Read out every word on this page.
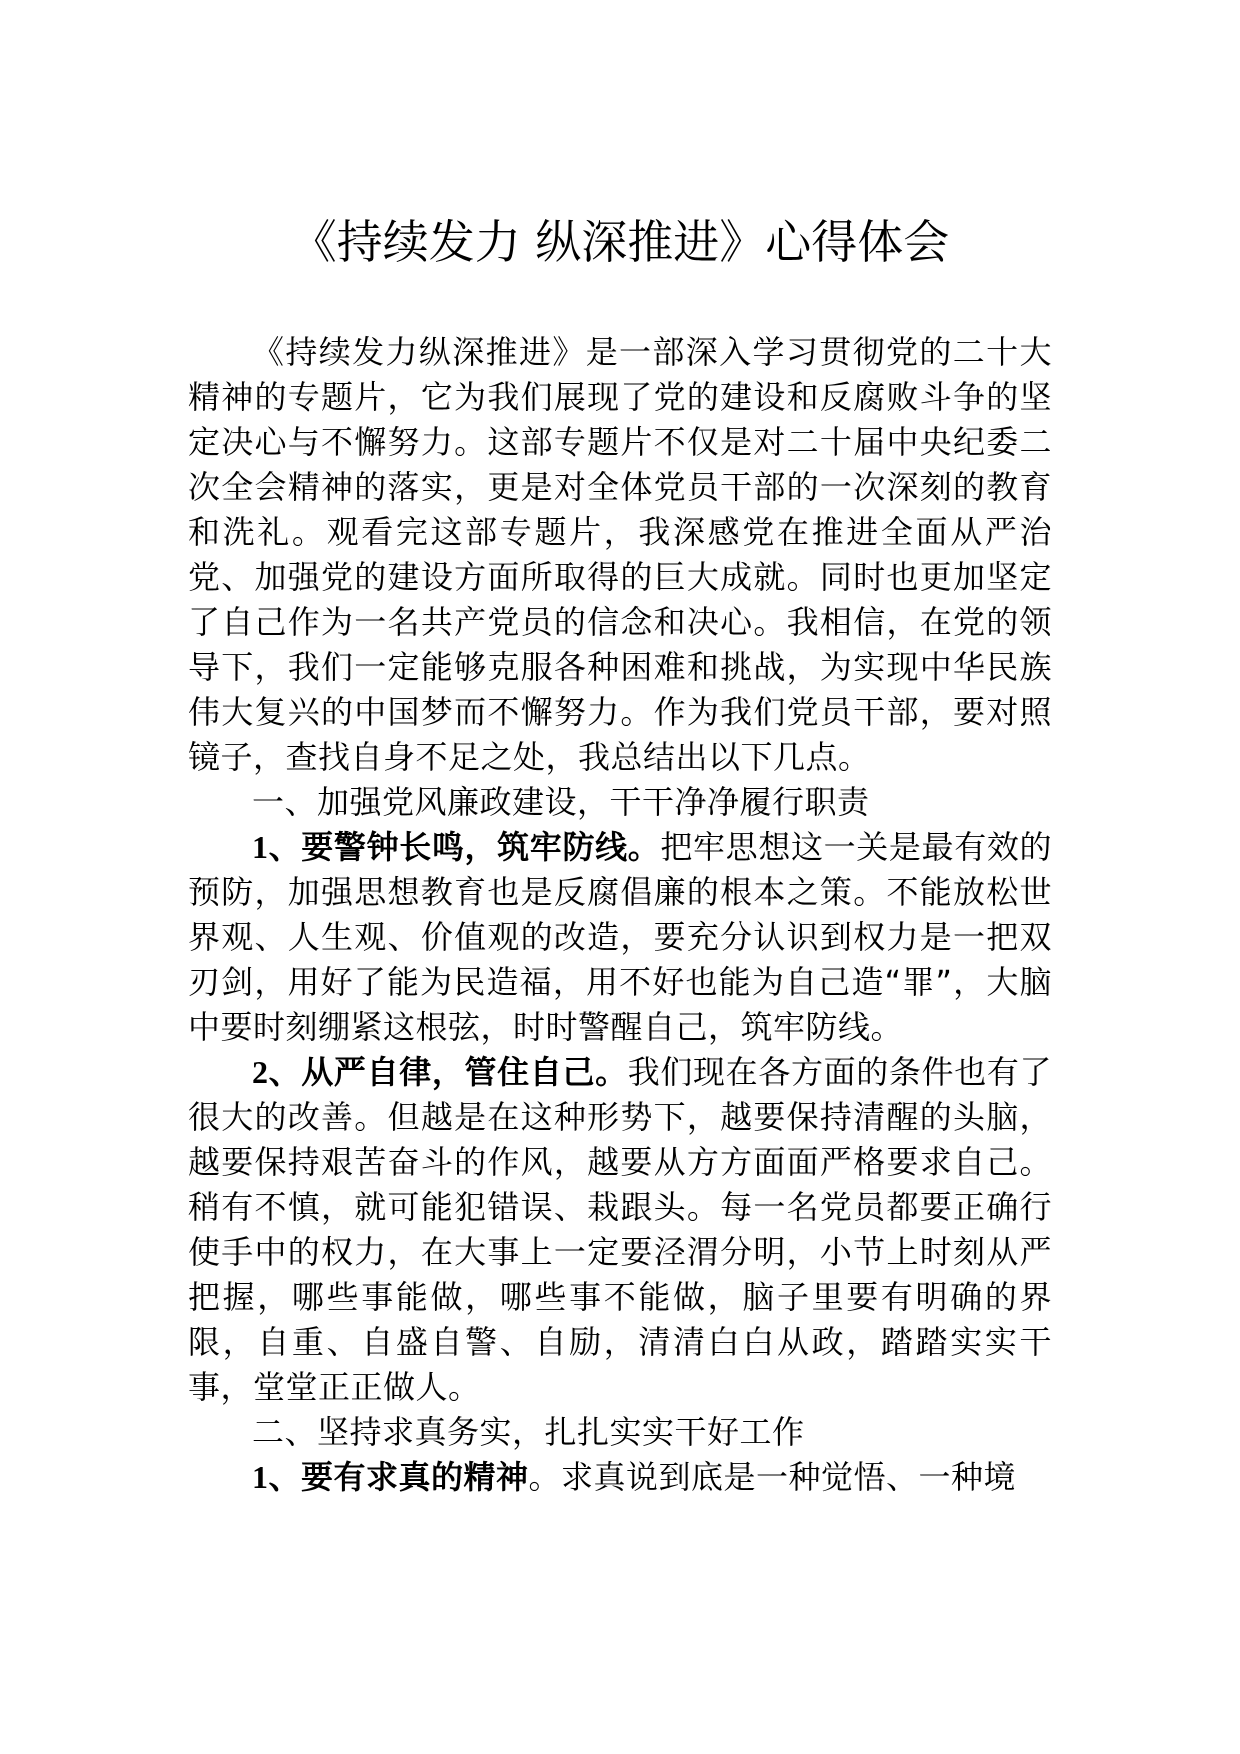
《持续发力 纵深推进》心得体会

《持续发力纵深推进》是一部深入学习贯彻党的二十大精神的专题片，它为我们展现了党的建设和反腐败斗争的坚定决心与不懈努力。这部专题片不仅是对二十届中央纪委二次全会精神的落实，更是对全体党员干部的一次深刻的教育和洗礼。观看完这部专题片，我深感党在推进全面从严治党、加强党的建设方面所取得的巨大成就。同时也更加坚定了自己作为一名共产党员的信念和决心。我相信，在党的领导下，我们一定能够克服各种困难和挑战，为实现中华民族伟大复兴的中国梦而不懈努力。作为我们党员干部，要对照镜子，查找自身不足之处，我总结出以下几点。

一、加强党风廉政建设，干干净净履行职责

1、要警钟长鸣，筑牢防线。把牢思想这一关是最有效的预防，加强思想教育也是反腐倡廉的根本之策。不能放松世界观、人生观、价值观的改造，要充分认识到权力是一把双刃剑，用好了能为民造福，用不好也能为自己造“罪”，大脑中要时刻绷紧这根弦，时时警醒自己，筑牢防线。

2、从严自律，管住自己。我们现在各方面的条件也有了很大的改善。但越是在这种形势下，越要保持清醒的头脑，越要保持艰苦奋斗的作风，越要从方方面面严格要求自己。稍有不慎，就可能犯错误、栽跟头。每一名党员都要正确行使手中的权力，在大事上一定要泾渭分明，小节上时刻从严把握，哪些事能做，哪些事不能做，脑子里要有明确的界限，自重、自盛自警、自励，清清白白从政，踏踏实实干事，堂堂正正做人。

二、坚持求真务实，扎扎实实干好工作

1、要有求真的精神。求真说到底是一种觉悟、一种境
